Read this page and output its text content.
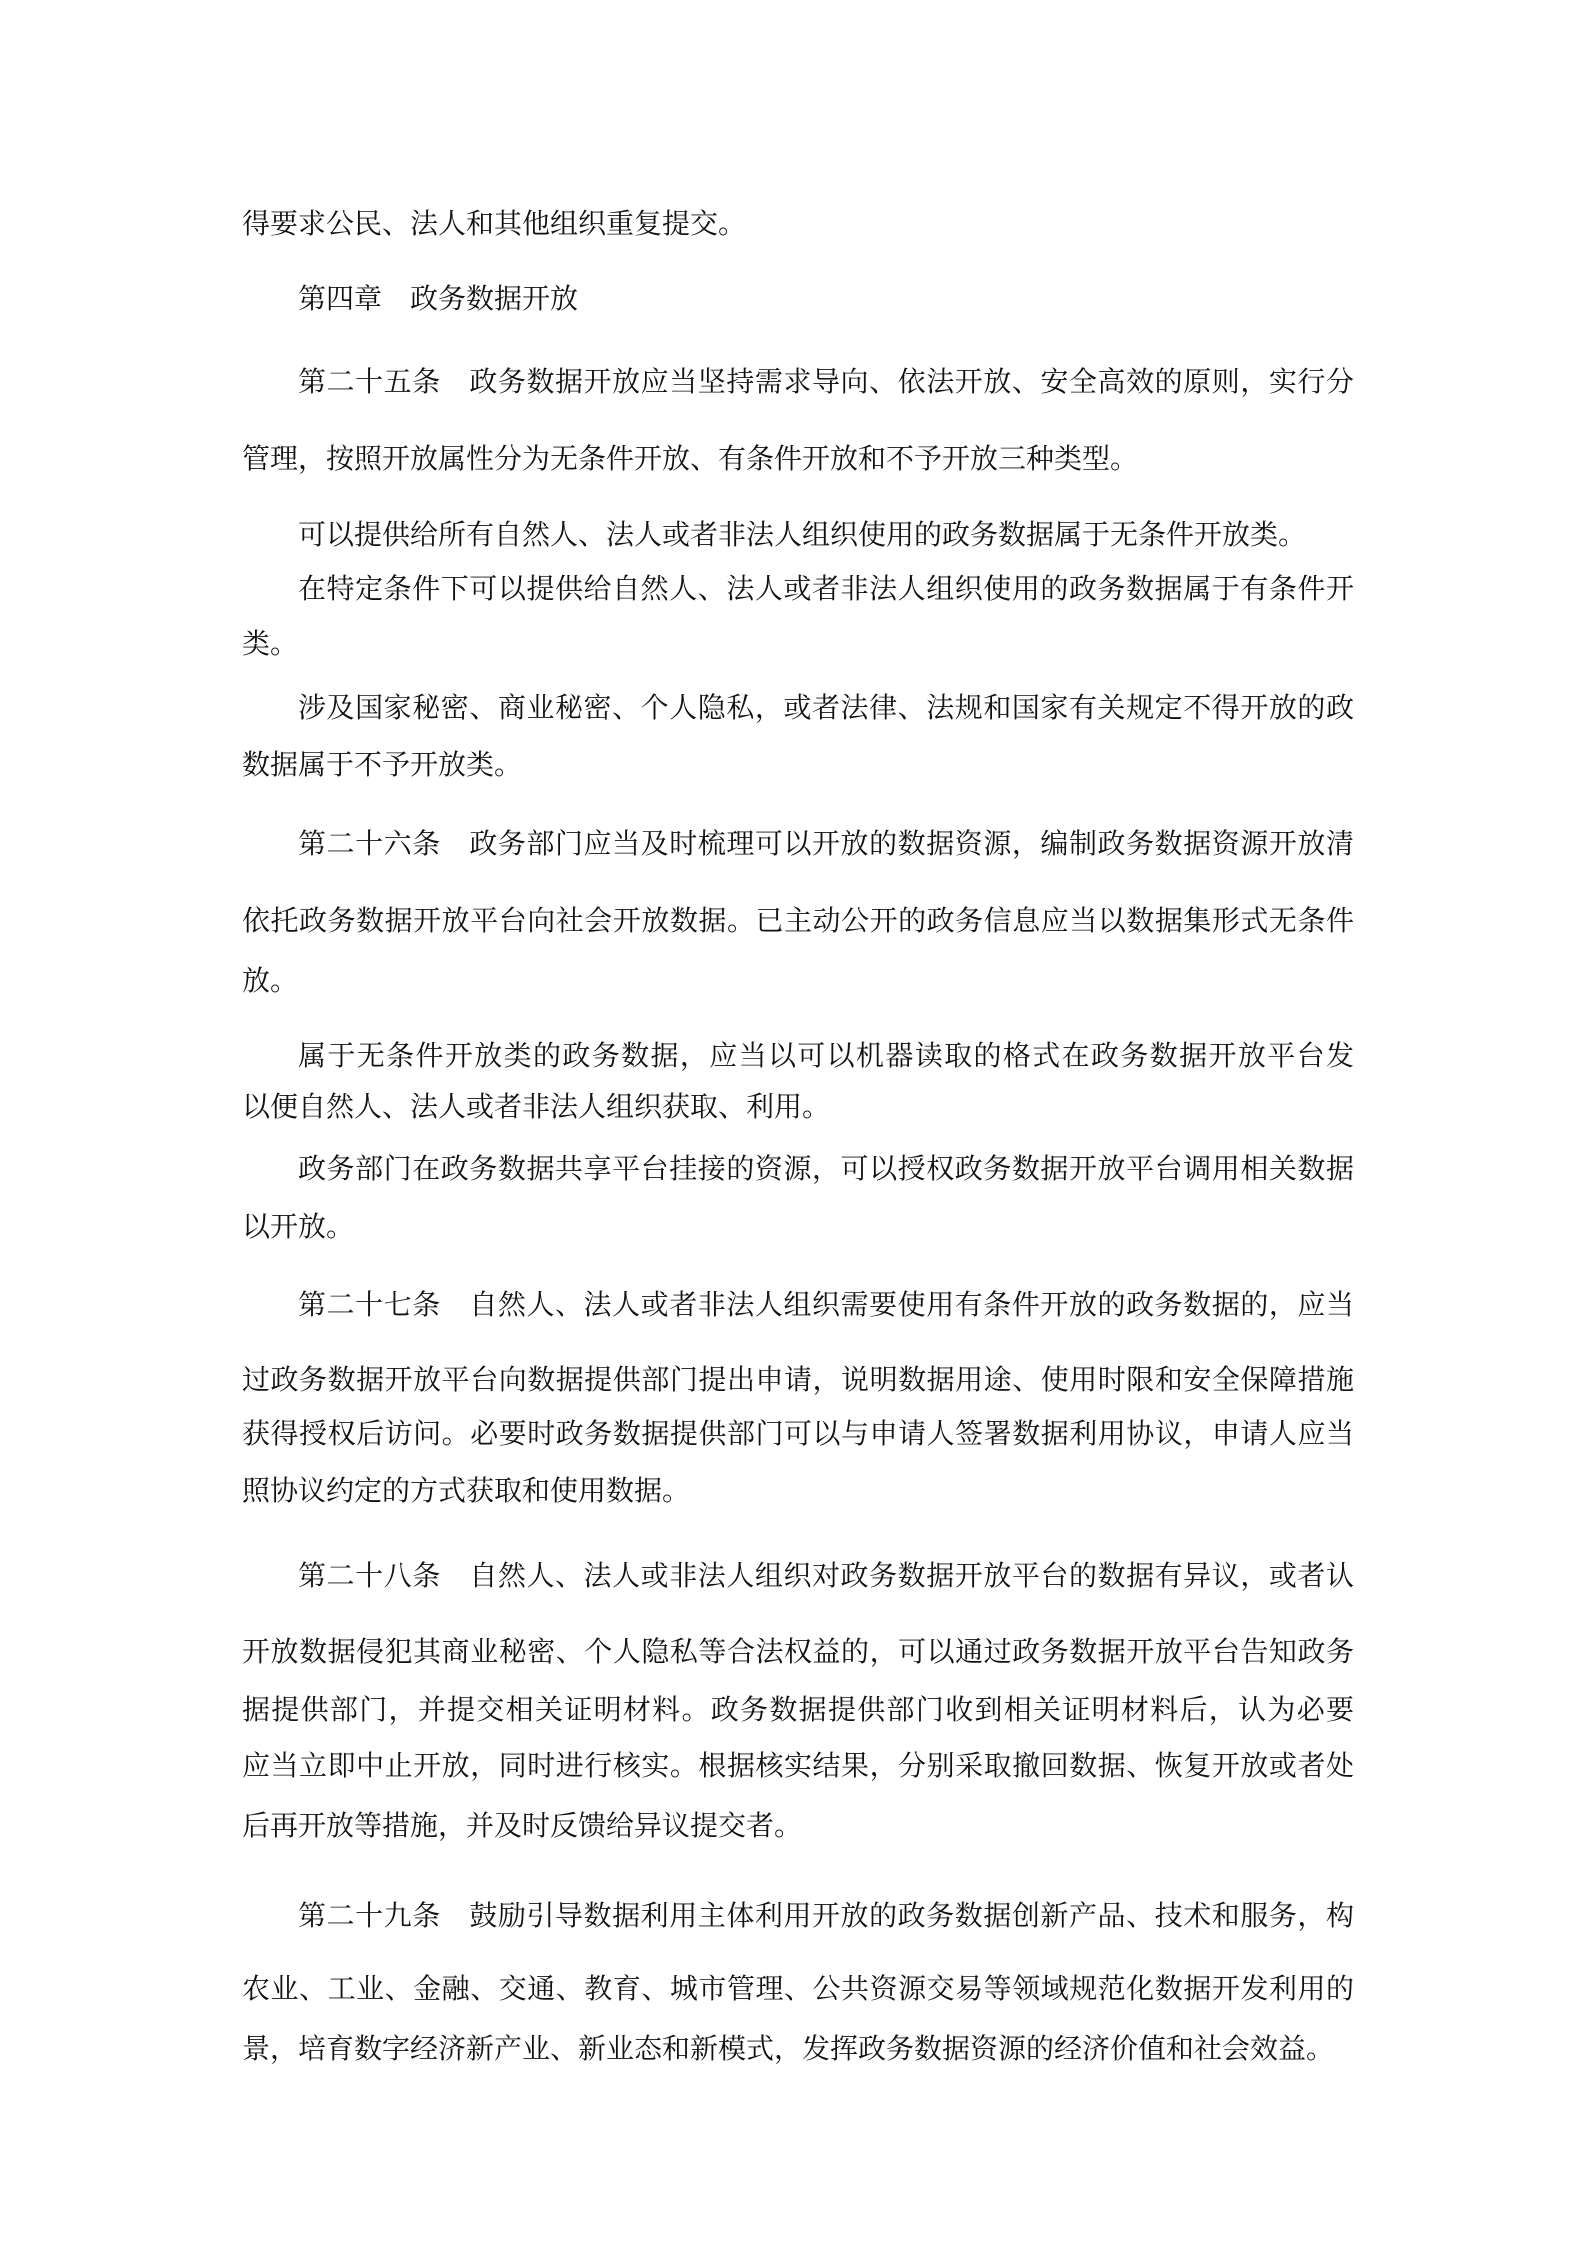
得要求公民、法人和其他组织重复提交。
第四章　政务数据开放
第二十五条　政务数据开放应当坚持需求导向、依法开放、安全高效的原则，实行分
管理，按照开放属性分为无条件开放、有条件开放和不予开放三种类型。
可以提供给所有自然人、法人或者非法人组织使用的政务数据属于无条件开放类。
在特定条件下可以提供给自然人、法人或者非法人组织使用的政务数据属于有条件开
类。
涉及国家秘密、商业秘密、个人隐私，或者法律、法规和国家有关规定不得开放的政
数据属于不予开放类。
第二十六条　政务部门应当及时梳理可以开放的数据资源，编制政务数据资源开放清
依托政务数据开放平台向社会开放数据。已主动公开的政务信息应当以数据集形式无条件
放。
属于无条件开放类的政务数据，应当以可以机器读取的格式在政务数据开放平台发
以便自然人、法人或者非法人组织获取、利用。
政务部门在政务数据共享平台挂接的资源，可以授权政务数据开放平台调用相关数据
以开放。
第二十七条　自然人、法人或者非法人组织需要使用有条件开放的政务数据的，应当
过政务数据开放平台向数据提供部门提出申请，说明数据用途、使用时限和安全保障措施
获得授权后访问。必要时政务数据提供部门可以与申请人签署数据利用协议，申请人应当
照协议约定的方式获取和使用数据。
第二十八条　自然人、法人或非法人组织对政务数据开放平台的数据有异议，或者认
开放数据侵犯其商业秘密、个人隐私等合法权益的，可以通过政务数据开放平台告知政务
据提供部门，并提交相关证明材料。政务数据提供部门收到相关证明材料后，认为必要
应当立即中止开放，同时进行核实。根据核实结果，分别采取撤回数据、恢复开放或者处
后再开放等措施，并及时反馈给异议提交者。
第二十九条　鼓励引导数据利用主体利用开放的政务数据创新产品、技术和服务，构
农业、工业、金融、交通、教育、城市管理、公共资源交易等领域规范化数据开发利用的
景，培育数字经济新产业、新业态和新模式，发挥政务数据资源的经济价值和社会效益。
